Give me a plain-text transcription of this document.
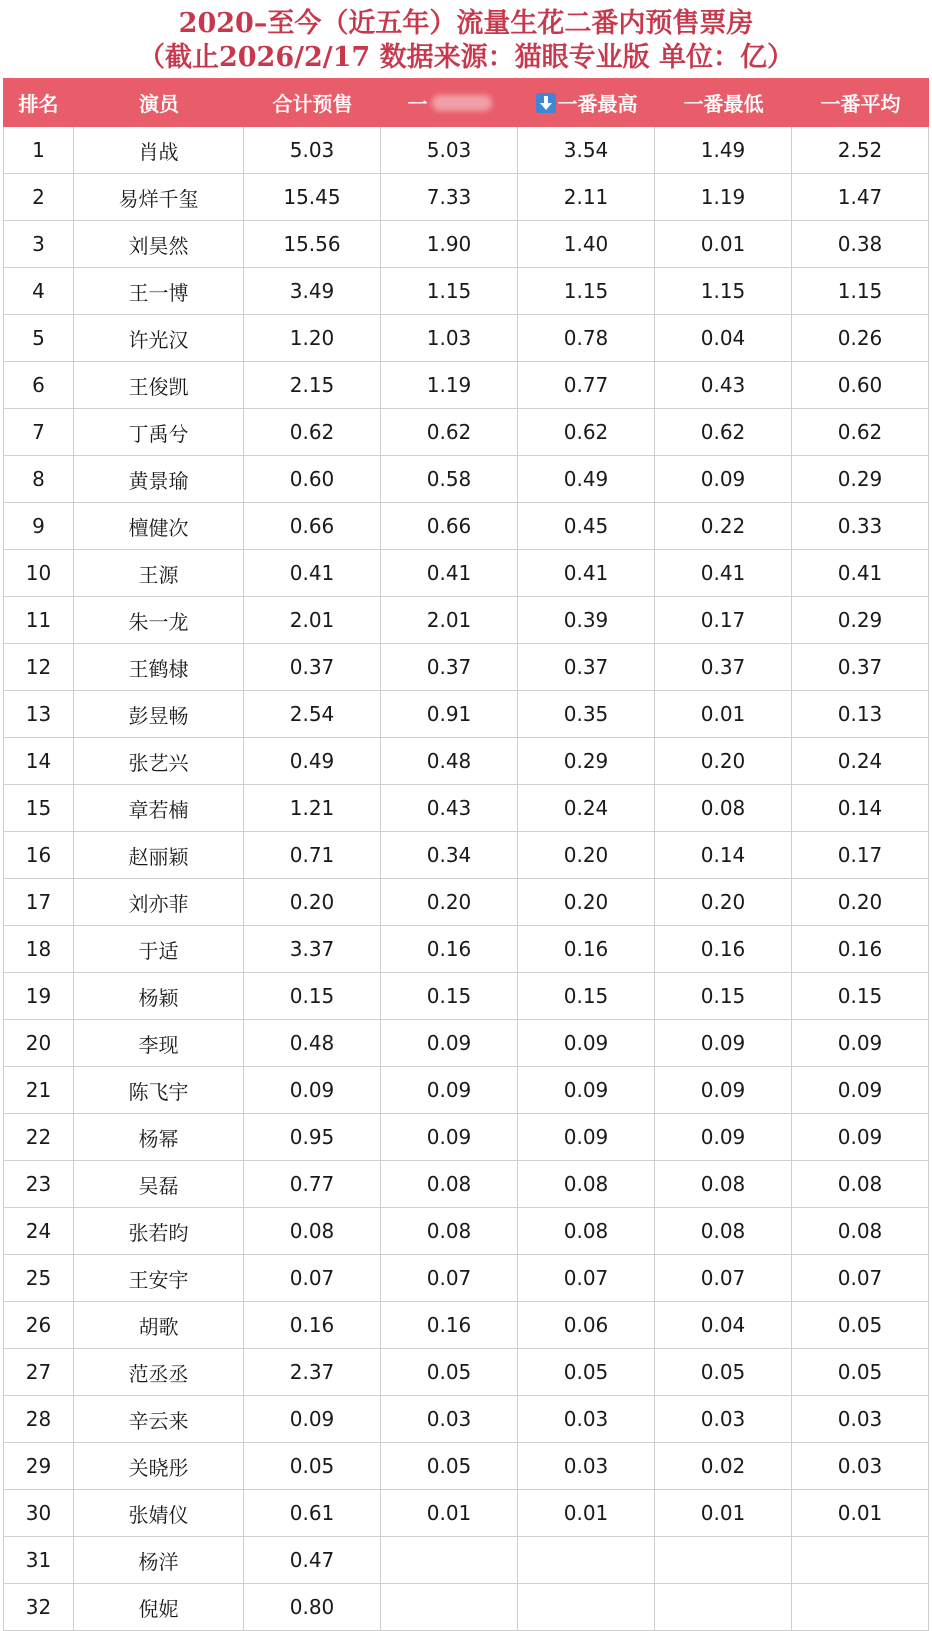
2020–至今（近五年）流量生花二番内预售票房
（截止2026/2/17 数据来源：猫眼专业版 单位：亿）
排名	演员	合计预售	一	一番最高	一番最低	一番平均
1	肖战	5.03	5.03	3.54	1.49	2.52
2	易烊千玺	15.45	7.33	2.11	1.19	1.47
3	刘昊然	15.56	1.90	1.40	0.01	0.38
4	王一博	3.49	1.15	1.15	1.15	1.15
5	许光汉	1.20	1.03	0.78	0.04	0.26
6	王俊凯	2.15	1.19	0.77	0.43	0.60
7	丁禹兮	0.62	0.62	0.62	0.62	0.62
8	黄景瑜	0.60	0.58	0.49	0.09	0.29
9	檀健次	0.66	0.66	0.45	0.22	0.33
10	王源	0.41	0.41	0.41	0.41	0.41
11	朱一龙	2.01	2.01	0.39	0.17	0.29
12	王鹤棣	0.37	0.37	0.37	0.37	0.37
13	彭昱畅	2.54	0.91	0.35	0.01	0.13
14	张艺兴	0.49	0.48	0.29	0.20	0.24
15	章若楠	1.21	0.43	0.24	0.08	0.14
16	赵丽颖	0.71	0.34	0.20	0.14	0.17
17	刘亦菲	0.20	0.20	0.20	0.20	0.20
18	于适	3.37	0.16	0.16	0.16	0.16
19	杨颖	0.15	0.15	0.15	0.15	0.15
20	李现	0.48	0.09	0.09	0.09	0.09
21	陈飞宇	0.09	0.09	0.09	0.09	0.09
22	杨幂	0.95	0.09	0.09	0.09	0.09
23	吴磊	0.77	0.08	0.08	0.08	0.08
24	张若昀	0.08	0.08	0.08	0.08	0.08
25	王安宇	0.07	0.07	0.07	0.07	0.07
26	胡歌	0.16	0.16	0.06	0.04	0.05
27	范丞丞	2.37	0.05	0.05	0.05	0.05
28	辛云来	0.09	0.03	0.03	0.03	0.03
29	关晓彤	0.05	0.05	0.03	0.02	0.03
30	张婧仪	0.61	0.01	0.01	0.01	0.01
31	杨洋	0.47
32	倪妮	0.80
